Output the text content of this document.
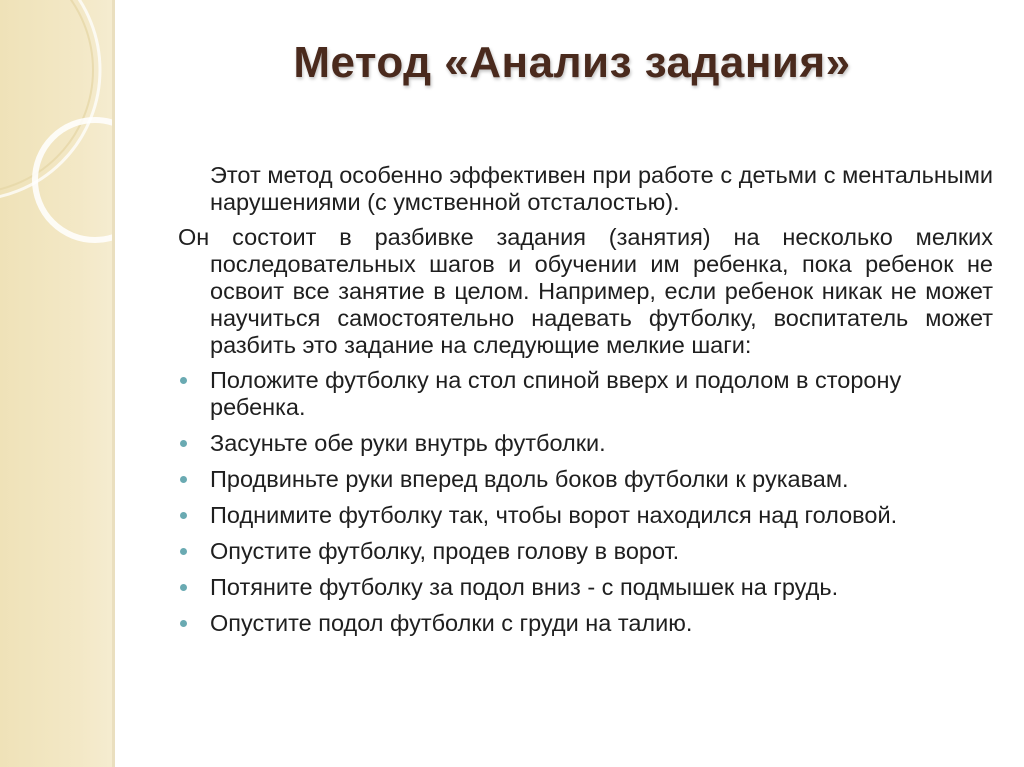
Метод «Анализ задания»

Этот метод особенно эффективен при работе с детьми с ментальными нарушениями (с умственной отсталостью).

Он состоит в разбивке задания (занятия) на несколько мелких последовательных шагов и обучении им ребенка, пока ребенок не освоит все занятие в целом. Например, если ребенок никак не может научиться самостоятельно надевать футболку, воспитатель может разбить это задание на следующие мелкие шаги:

Положите футболку на стол спиной вверх и подолом в сторону ребенка.
Засуньте обе руки внутрь футболки.
Продвиньте руки вперед вдоль боков футболки к рукавам.
Поднимите футболку так, чтобы ворот находился над головой.
Опустите футболку, продев голову в ворот.
Потяните футболку за подол вниз - с подмышек на грудь.
Опустите подол футболки с груди на талию.
